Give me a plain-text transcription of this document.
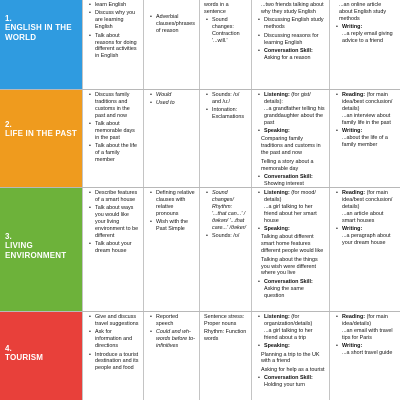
1.
ENGLISH IN THE WORLD
• learn English
• Discuss why you are learning English
• Talk about reasons for doing different activities in English
• Adverbial clauses/phrases of reason
words in a sentence
• Sound changes: Contraction '...will.'
...two friends talking about why they study English
• Discussing English study methods
• Discussing reasons for learning English
• Conversation Skill:
Asking for a reason
...an online article about English study methods
• Writing:
...a reply email giving advice to a friend
2.
LIFE IN THE PAST
• Discuss family traditions and customs in the past and now
• Talk about memorable days in the past
• Talk about the life of a family member
• Would
• Used to
• Sounds: /ʊ/ and /uː/
• Intonation: Exclamations
• Listening: (for gist/ details):
...a grandfather telling his granddaughter about the past
• Speaking:
Comparing family traditions and customs in the past and now
Telling a story about a memorable day
• Conversation Skill:
Showing interest
• Reading: (for main idea/best conclusion/ details)
...an interview about family life in the past
• Writing:
...about the life of a family member
3.
LIVING ENVIRONMENT
• Describe features of a smart house
• Talk about ways you would like your living environment to be different
• Talk about your dream house
• Defining relative clauses with relative pronouns
• Wish with the Past Simple
• Sound changes/ Rhythm: '...that can...' /ðəkən/ '...that care...' /ðəker/
• Sounds: /ʊ/
• Listening: (for mood/ details)
...a girl talking to her friend about her smart house
• Speaking:
Talking about different smart home features different people would like
Talking about the things you wish were different where you live
• Conversation Skill:
Asking the same question
• Reading: (for main idea/best conclusion/ details)
...an article about smart houses
• Writing:
...a peragraph about your dream house
4.
TOURISM
• Give and discuss travel suggestions
• Ask for information and directions
• Introduce a tourist destination and its people and food
• Reported speech
• Could and wh-words before to-infinitives
Sentence stress: Proper nouns
Rhythm: Function words
• Listening: (for organization/details)
...a girl talking to her friend about a trip
• Speaking:
Planning a trip to the UK with a friend
Asking for help as a tourist
• Conversation Skill:
Holding your turn
• Reading: (for main idea/details)
...an email with travel tips for Paris
• Writing:
...a short travel guide
